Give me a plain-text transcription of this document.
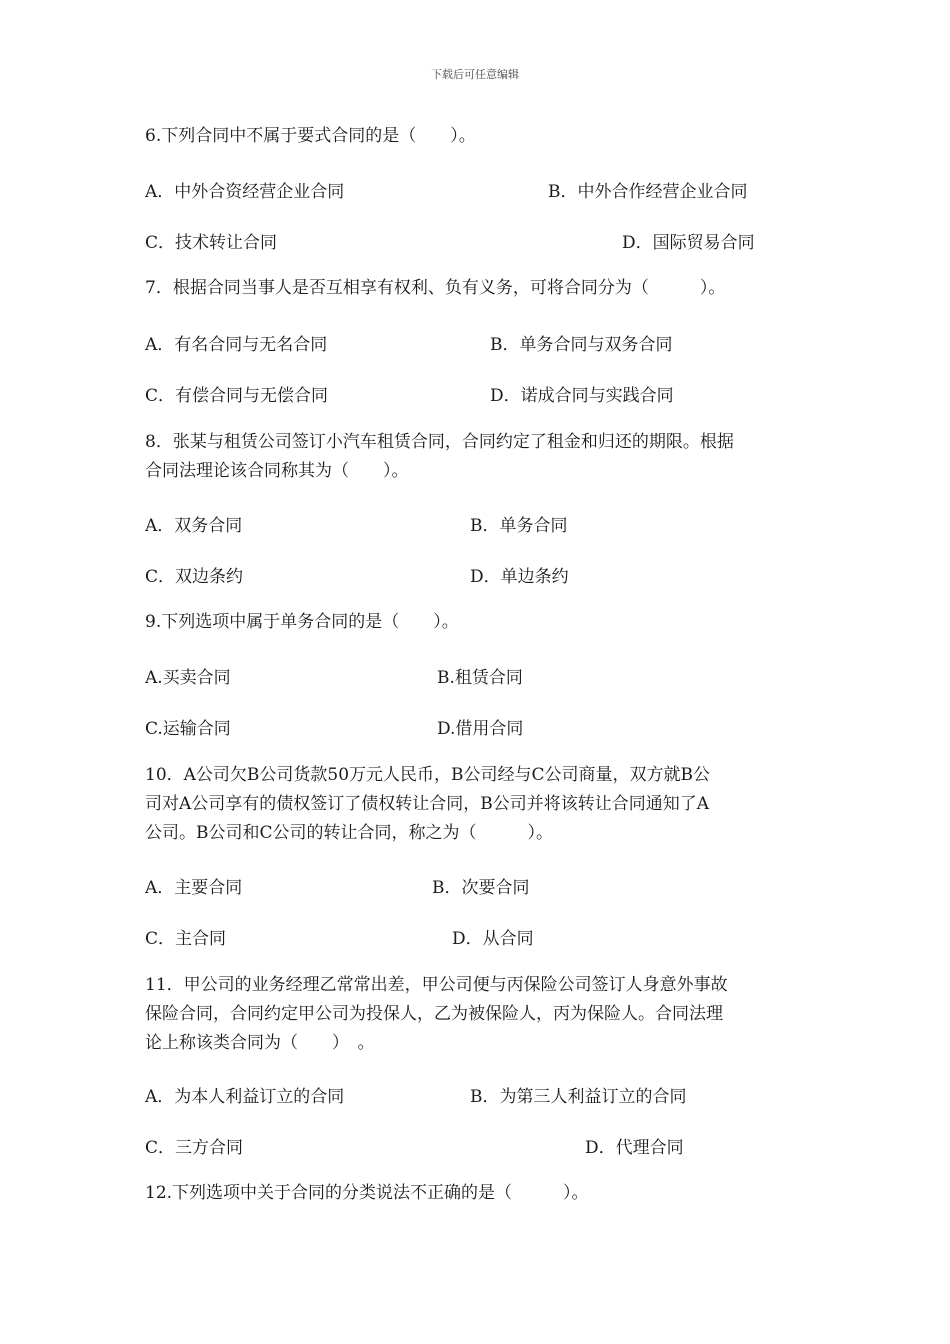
下载后可任意编辑
6.下列合同中不属于要式合同的是（　　）。
A．中外合资经营企业合同	B．中外合作经营企业合同
C．技术转让合同	D．国际贸易合同
7．根据合同当事人是否互相享有权利、负有义务，可将合同分为（　　　）。
A．有名合同与无名合同	B．单务合同与双务合同
C．有偿合同与无偿合同	D．诺成合同与实践合同
8．张某与租赁公司签订小汽车租赁合同，合同约定了租金和归还的期限。根据
合同法理论该合同称其为（　　）。
A．双务合同	B．单务合同
C．双边条约	D．单边条约
9.下列选项中属于单务合同的是（　　）。
A.买卖合同	B.租赁合同
C.运输合同	D.借用合同
10．A公司欠B公司货款50万元人民币，B公司经与C公司商量，双方就B公
司对A公司享有的债权签订了债权转让合同，B公司并将该转让合同通知了A
公司。B公司和C公司的转让合同，称之为（　　　）。
A．主要合同	B．次要合同
C．主合同	D．从合同
11．甲公司的业务经理乙常常出差，甲公司便与丙保险公司签订人身意外事故
保险合同，合同约定甲公司为投保人，乙为被保险人，丙为保险人。合同法理
论上称该类合同为（　　）　。
A．为本人利益订立的合同	B．为第三人利益订立的合同
C．三方合同	D．代理合同
12.下列选项中关于合同的分类说法不正确的是（　　　）。
